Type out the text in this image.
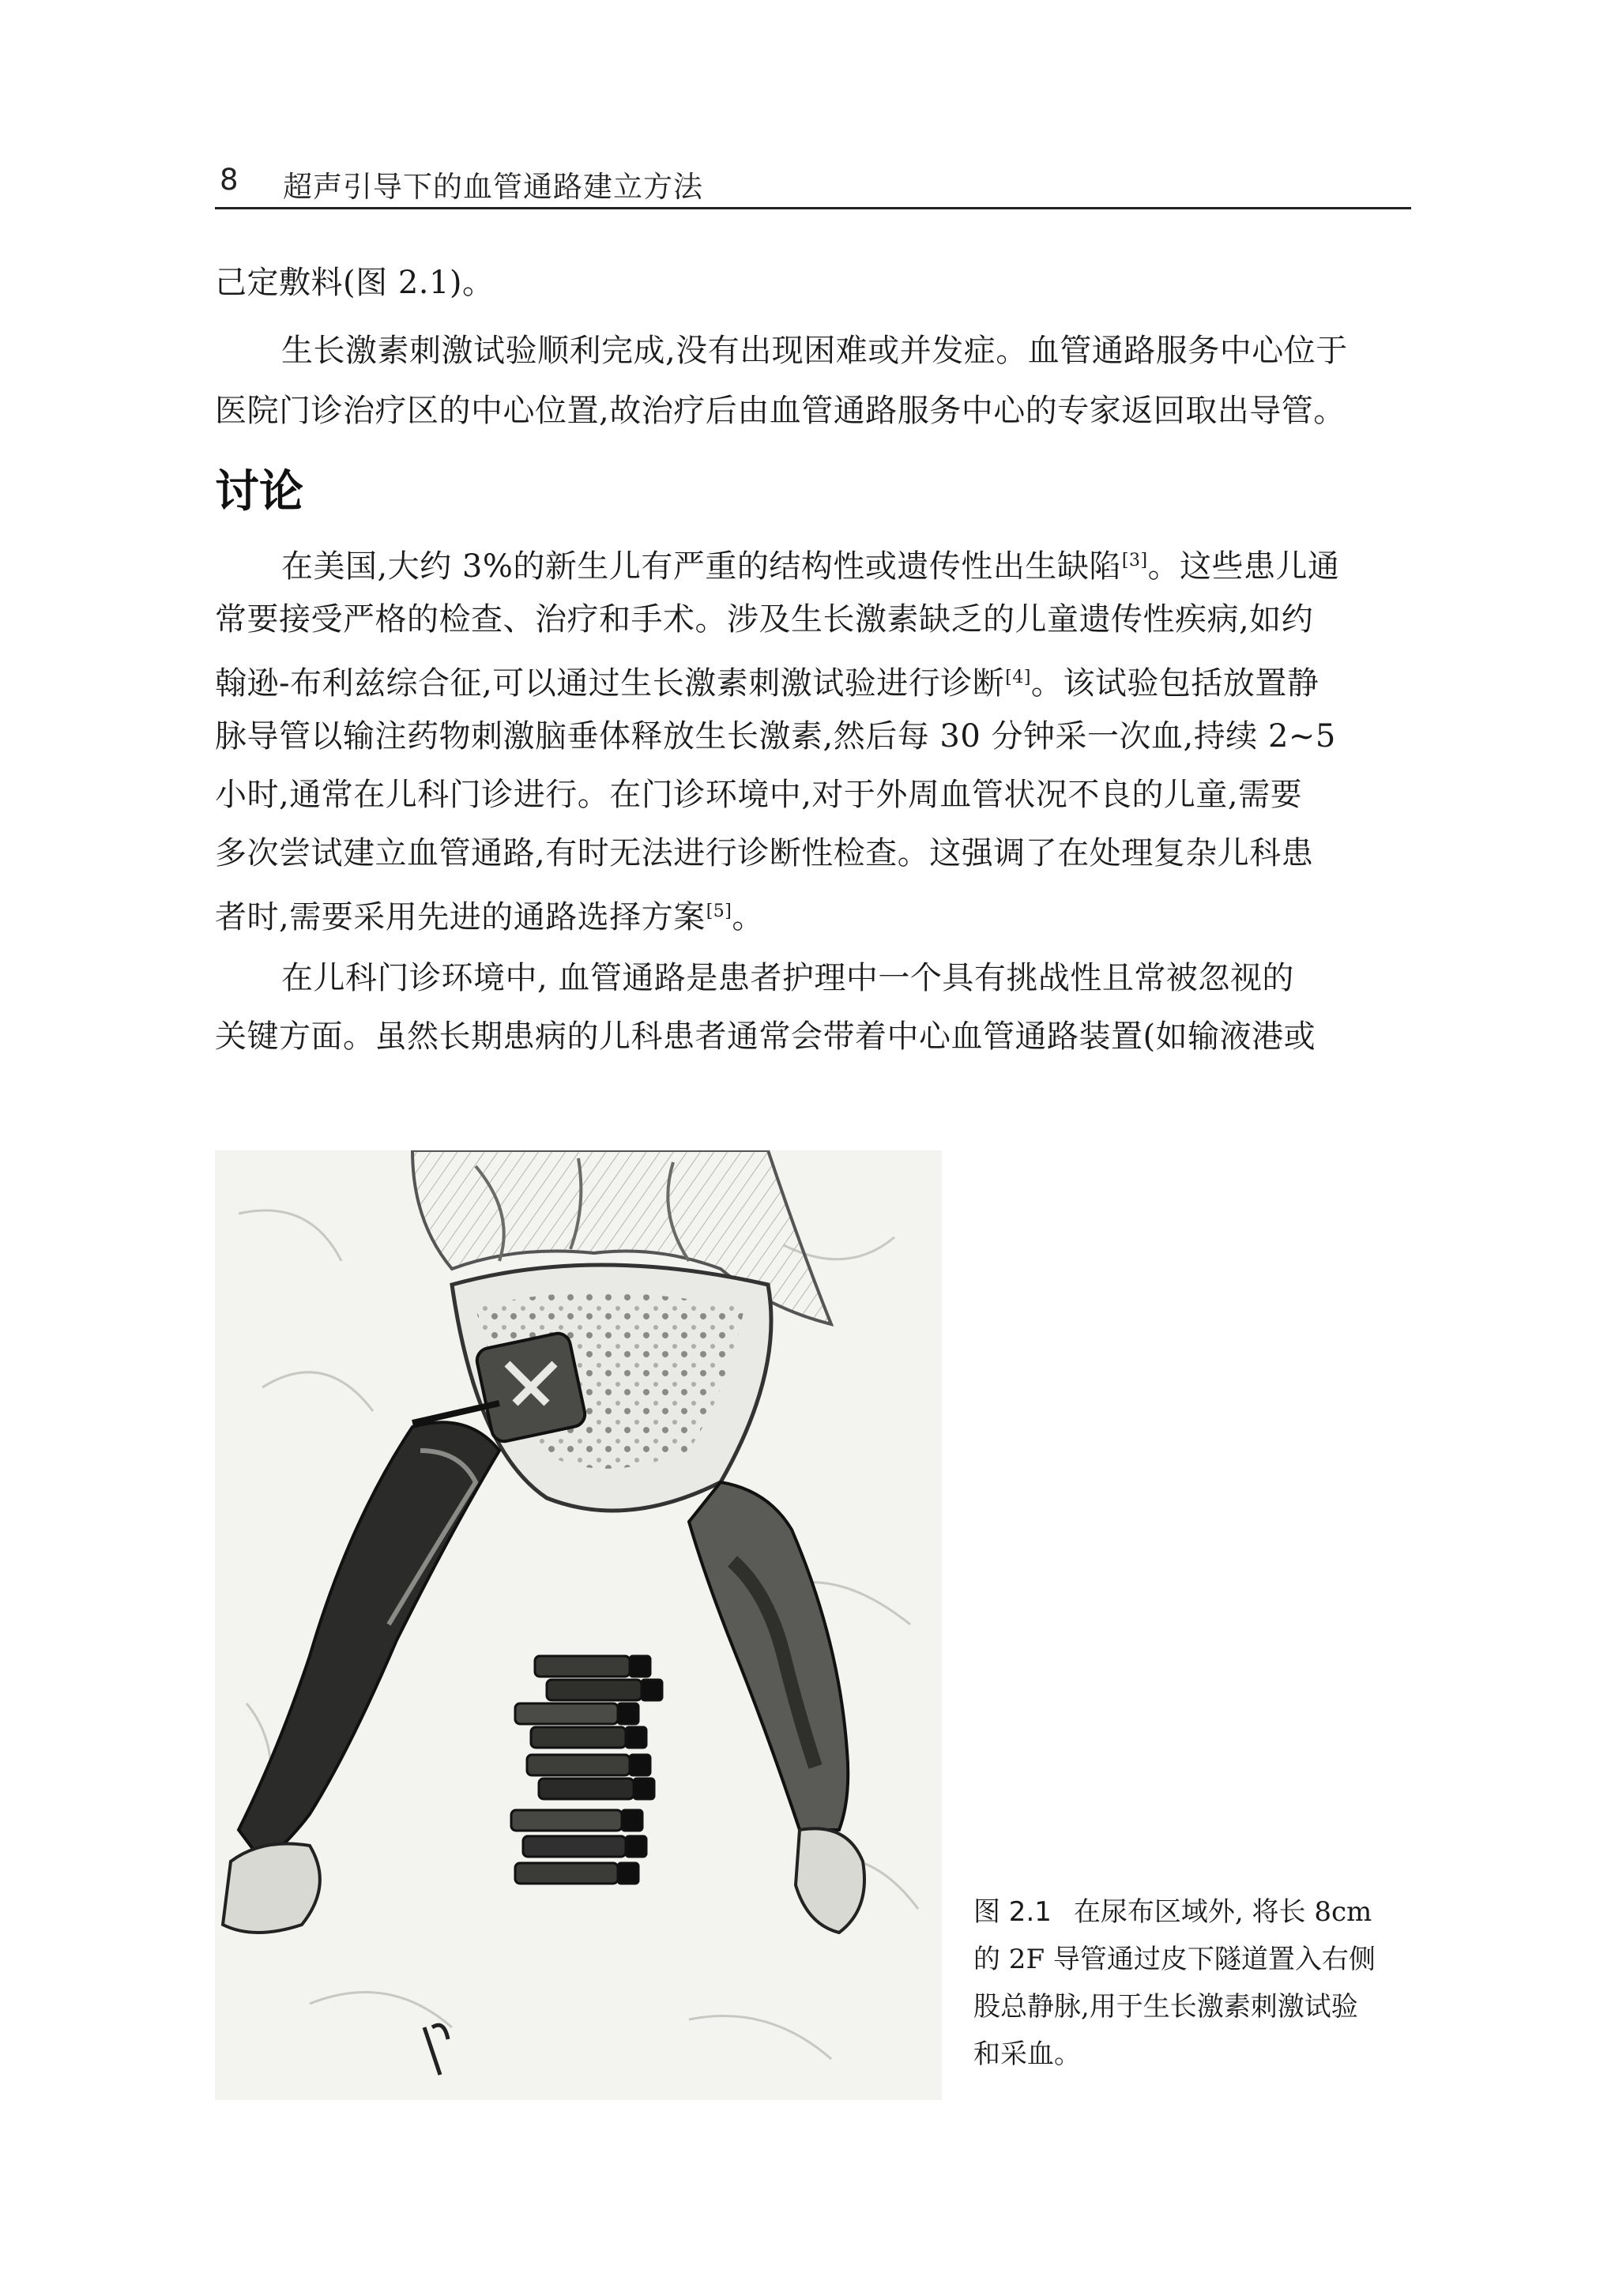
8 超声引导下的血管通路建立方法
己定敷料(图 2.1)。
生长激素刺激试验顺利完成,没有出现困难或并发症。血管通路服务中心位于
医院门诊治疗区的中心位置,故治疗后由血管通路服务中心的专家返回取出导管。
讨论
在美国,大约 3%的新生儿有严重的结构性或遗传性出生缺陷[3]。这些患儿通
常要接受严格的检查、治疗和手术。涉及生长激素缺乏的儿童遗传性疾病,如约
翰逊-布利兹综合征,可以通过生长激素刺激试验进行诊断[4]。该试验包括放置静
脉导管以输注药物刺激脑垂体释放生长激素,然后每 30 分钟采一次血,持续 2~5
小时,通常在儿科门诊进行。在门诊环境中,对于外周血管状况不良的儿童,需要
多次尝试建立血管通路,有时无法进行诊断性检查。这强调了在处理复杂儿科患
者时,需要采用先进的通路选择方案[5]。
在儿科门诊环境中, 血管通路是患者护理中一个具有挑战性且常被忽视的
关键方面。虽然长期患病的儿科患者通常会带着中心血管通路装置(如输液港或
图 2.1 在尿布区域外, 将长 8cm
的 2F 导管通过皮下隧道置入右侧
股总静脉,用于生长激素刺激试验
和采血。
